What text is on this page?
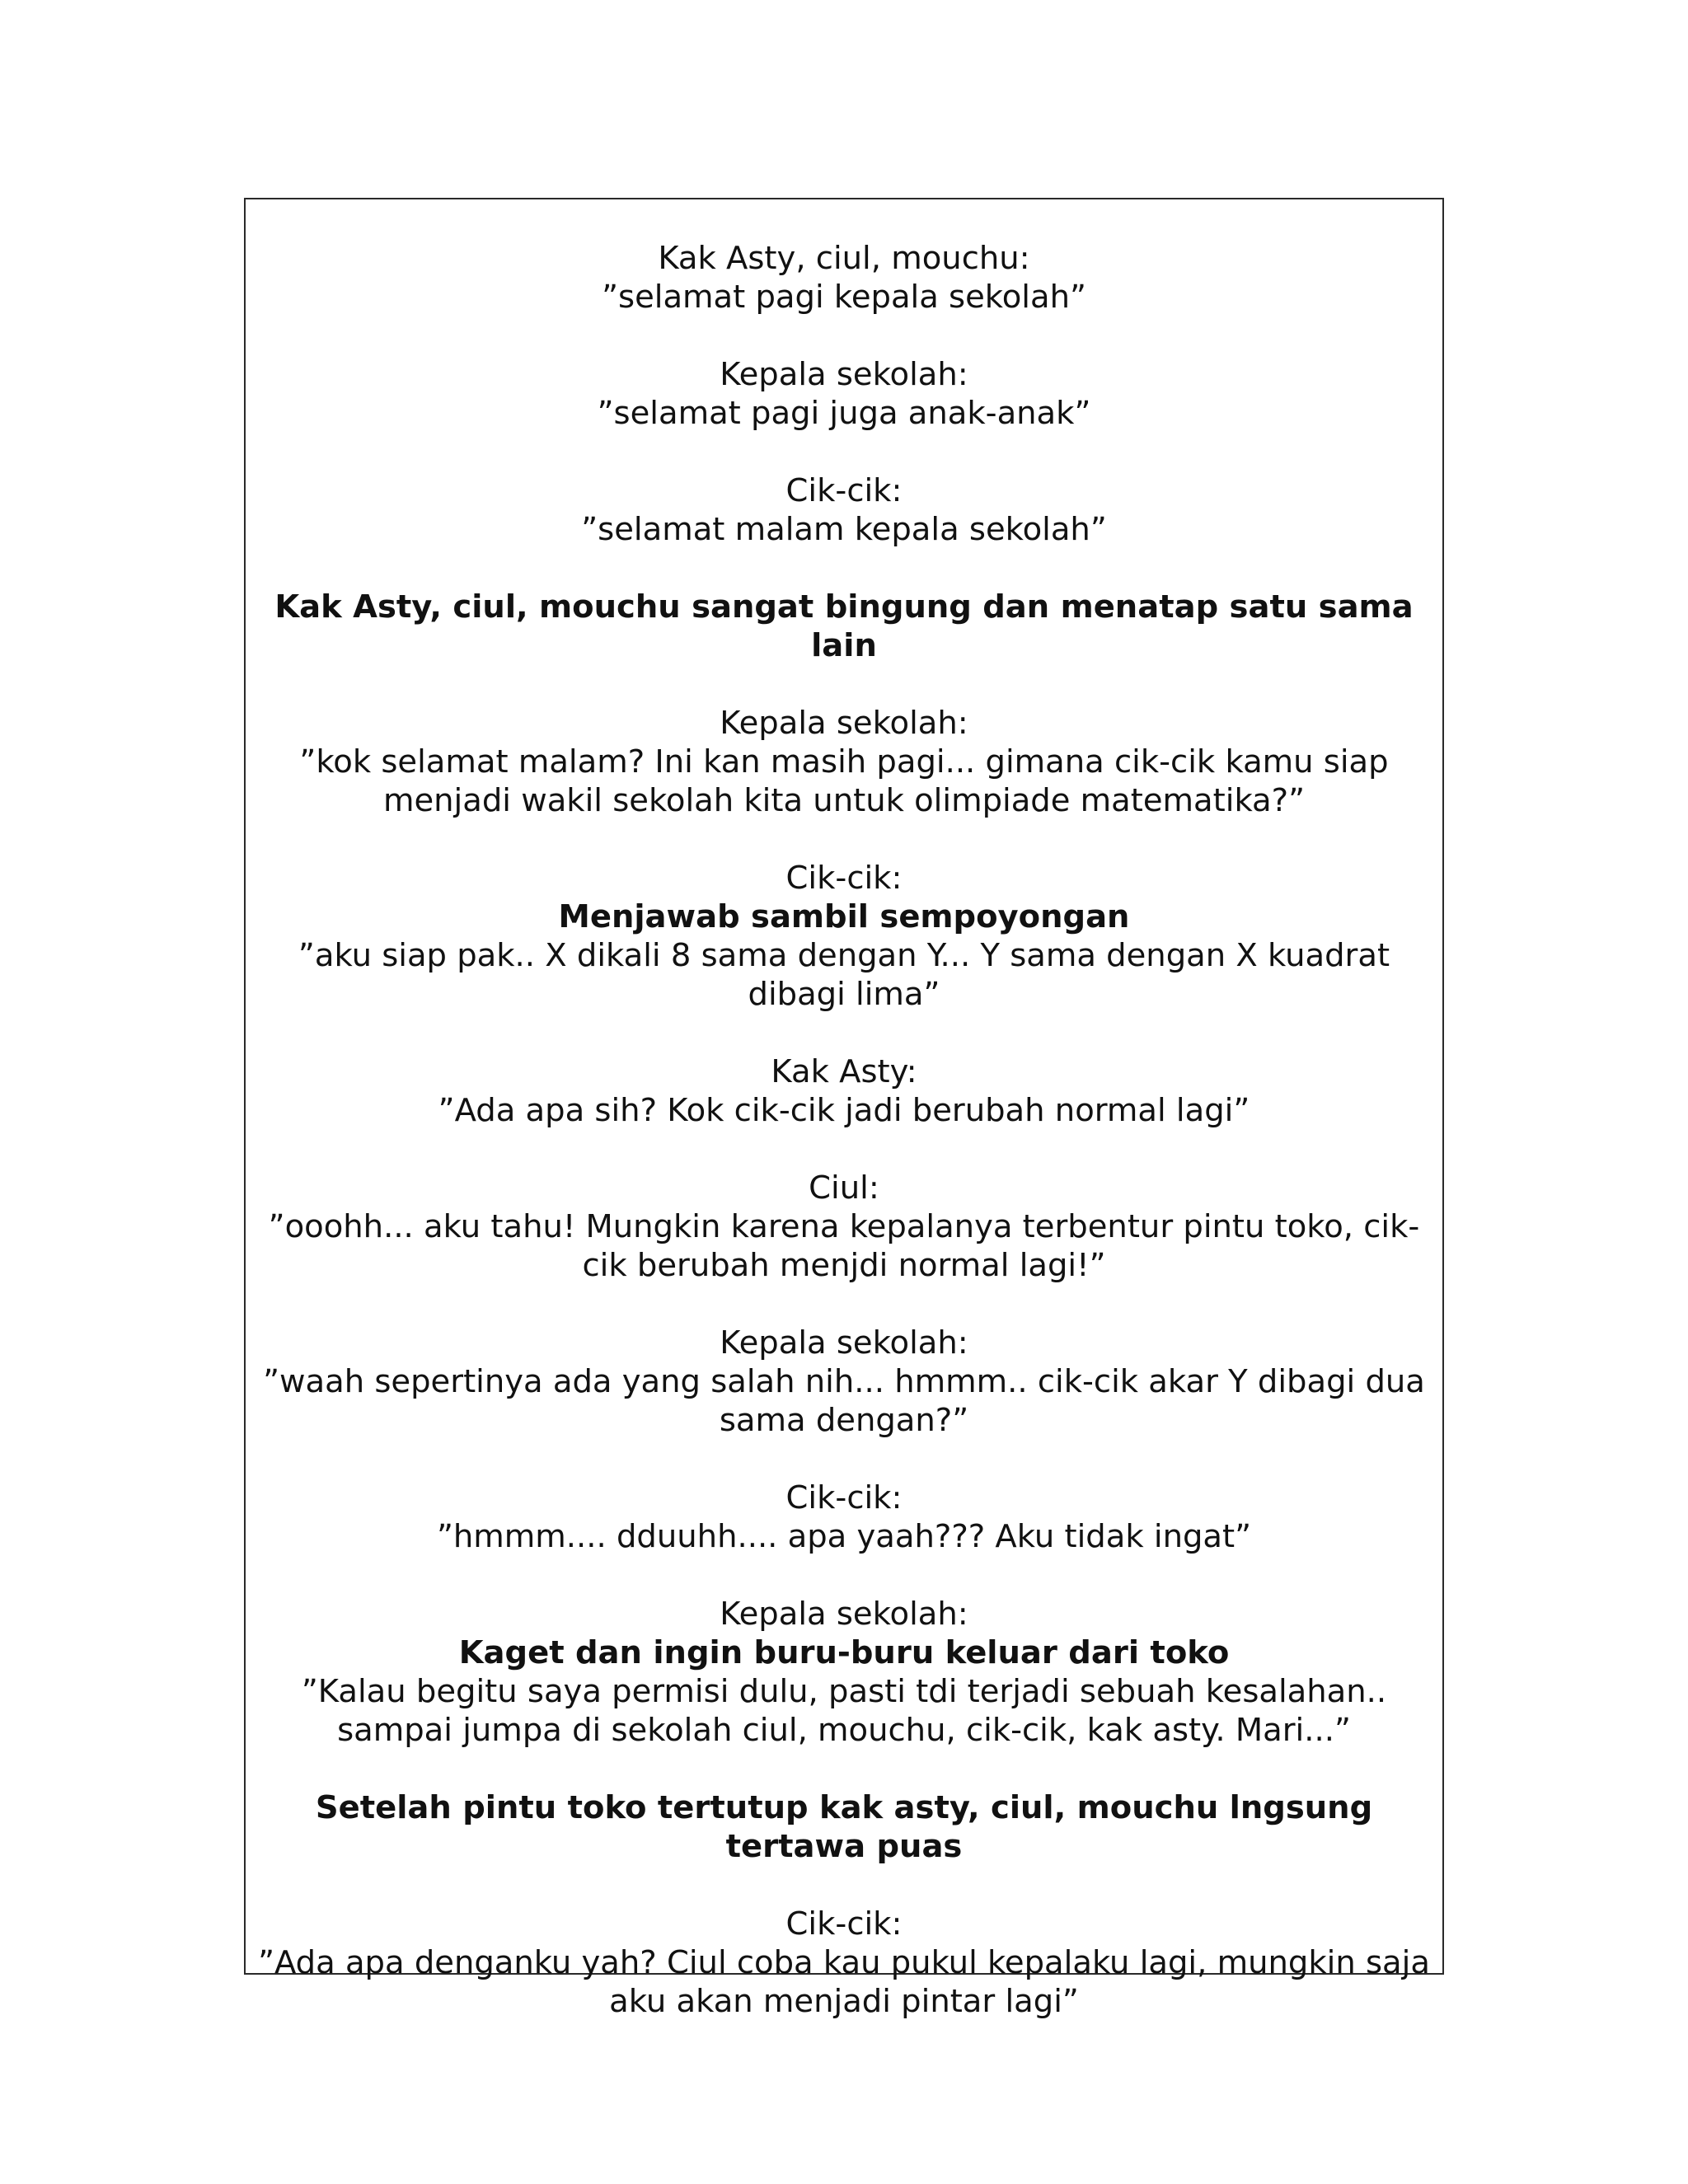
Kak Asty, ciul, mouchu:
”selamat pagi kepala sekolah”
Kepala sekolah:
”selamat pagi juga anak-anak”
Cik-cik:
”selamat malam kepala sekolah”
Kak Asty, ciul, mouchu sangat bingung dan menatap satu sama lain
Kepala sekolah:
”kok selamat malam? Ini kan masih pagi... gimana cik-cik kamu siap menjadi wakil sekolah kita untuk olimpiade matematika?”
Cik-cik:
Menjawab sambil sempoyongan
”aku siap pak.. X dikali 8 sama dengan Y... Y sama dengan X kuadrat dibagi lima”
Kak Asty:
”Ada apa sih? Kok cik-cik jadi berubah normal lagi”
Ciul:
”ooohh... aku tahu! Mungkin karena kepalanya terbentur pintu toko, cik-cik berubah menjdi normal lagi!”
Kepala sekolah:
”waah sepertinya ada yang salah nih... hmmm.. cik-cik akar Y dibagi dua sama dengan?”
Cik-cik:
”hmmm.... dduuhh.... apa yaah??? Aku tidak ingat”
Kepala sekolah:
Kaget dan ingin buru-buru keluar dari toko
”Kalau begitu saya permisi dulu, pasti tdi terjadi sebuah kesalahan.. sampai jumpa di sekolah ciul, mouchu, cik-cik, kak asty. Mari...”
Setelah pintu toko tertutup kak asty, ciul, mouchu lngsung tertawa puas
Cik-cik:
”Ada apa denganku yah? Ciul coba kau pukul kepalaku lagi, mungkin saja aku akan menjadi pintar lagi”
